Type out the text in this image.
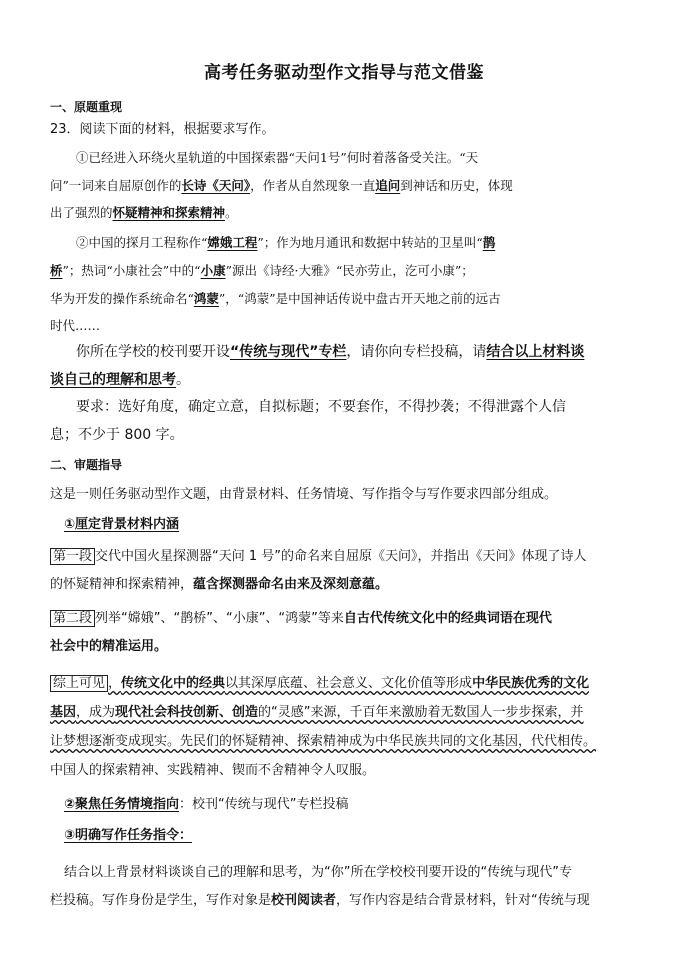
高考任务驱动型作文指导与范文借鉴
一、原题重现
23．阅读下面的材料，根据要求写作。
①已经进入环绕火星轨道的中国探索器“天问1号”何时着落备受关注。“天
问”一词来自屈原创作的长诗《天问》，作者从自然现象一直追问到神话和历史，体现
出了强烈的怀疑精神和探索精神。
②中国的探月工程称作“嫦娥工程”；作为地月通讯和数据中转站的卫星叫“鹊
桥”；热词“小康社会”中的“小康”源出《诗经·大雅》“民亦劳止，汔可小康”；
华为开发的操作系统命名“鸿蒙”，“鸿蒙”是中国神话传说中盘古开天地之前的远古
时代……
你所在学校的校刊要开设“传统与现代”专栏，请你向专栏投稿，请结合以上材料谈
谈自己的理解和思考。
要求：选好角度，确定立意，自拟标题；不要套作，不得抄袭；不得泄露个人信
息；不少于 800 字。
二、审题指导
这是一则任务驱动型作文题，由背景材料、任务情境、写作指令与写作要求四部分组成。
①厘定背景材料内涵
第一段 交代中国火星探测器“天问 1 号”的命名来自屈原《天问》，并指出《天问》体现了诗人
的怀疑精神和探索精神，蕴含探测器命名由来及深刻意蕴。
第二段 列举“嫦娥”、“鹊桥”、“小康”、“鸿蒙”等来自古代传统文化中的经典词语在现代
社会中的精准运用。
综上可见 ，传统文化中的经典以其深厚底蕴、社会意义、文化价值等形成中华民族优秀的文化
基因，成为现代社会科技创新、创造的“灵感”来源，千百年来激励着无数国人一步步探索，并
让梦想逐渐变成现实。先民们的怀疑精神、探索精神成为中华民族共同的文化基因，代代相传。
中国人的探索精神、实践精神、锲而不舍精神令人叹服。
②聚焦任务情境指向：校刊“传统与现代”专栏投稿
③明确写作任务指令：
结合以上背景材料谈谈自己的理解和思考，为“你”所在学校校刊要开设的“传统与现代”专
栏投稿。写作身份是学生，写作对象是校刊阅读者，写作内容是结合背景材料，针对“传统与现
